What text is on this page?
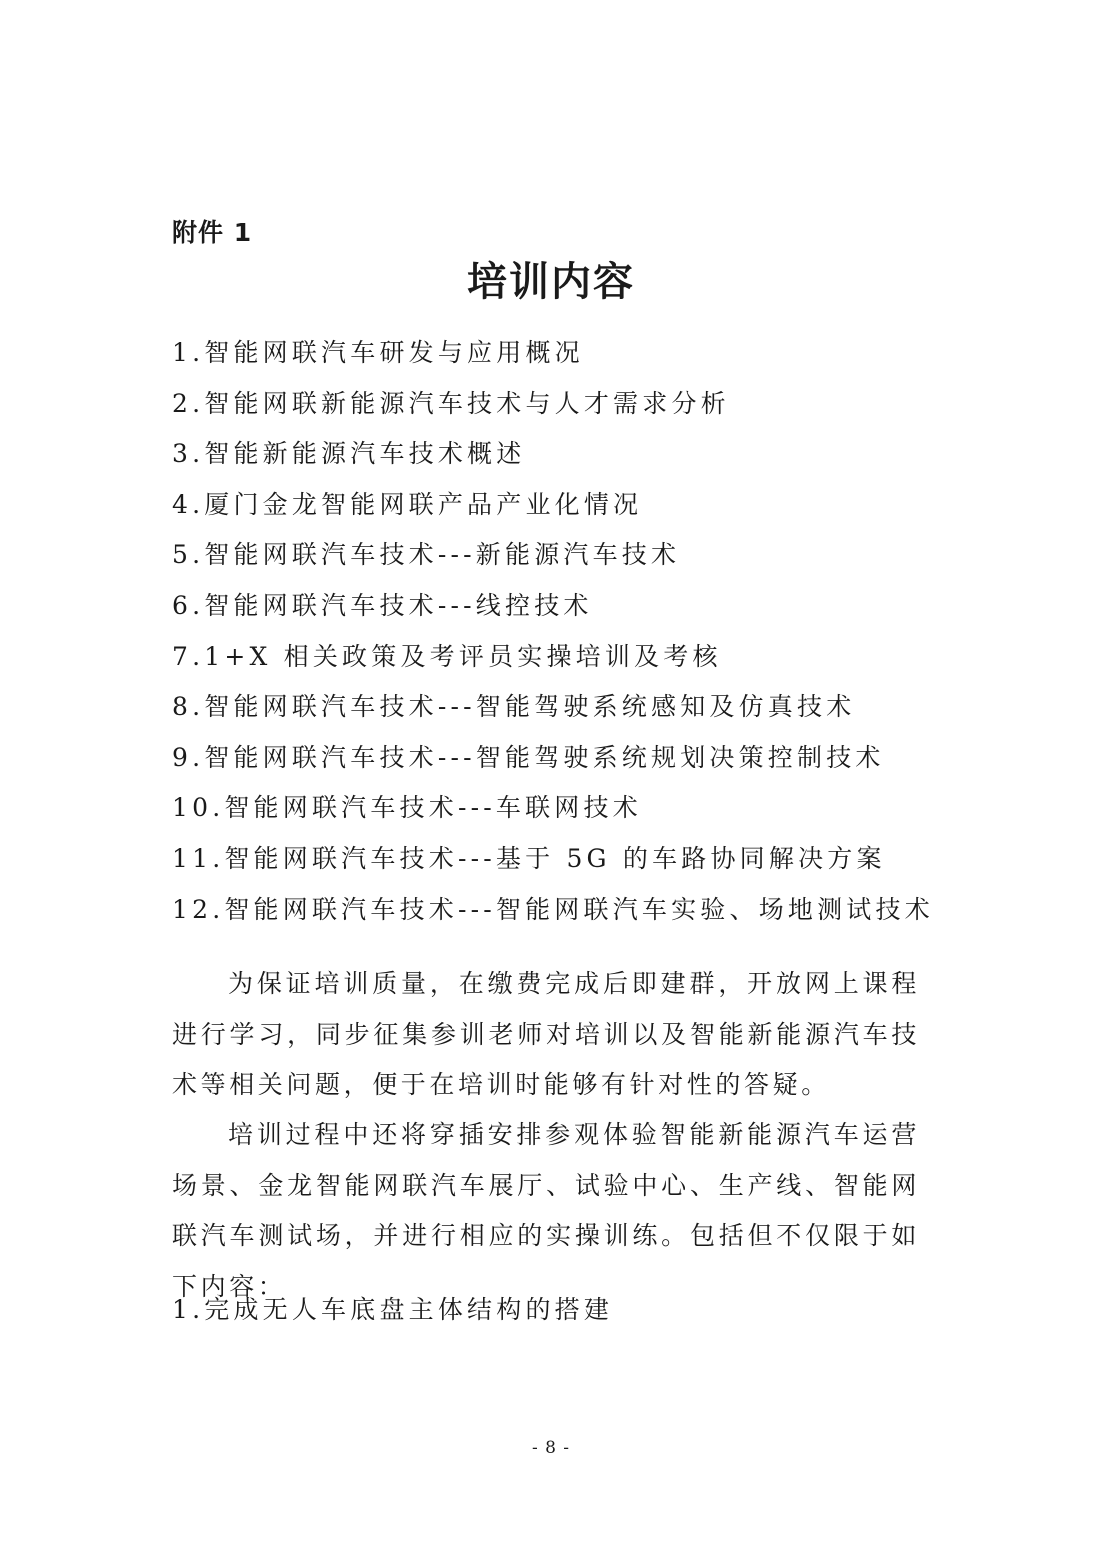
附件 1
培训内容
1.智能网联汽车研发与应用概况
2.智能网联新能源汽车技术与人才需求分析
3.智能新能源汽车技术概述
4.厦门金龙智能网联产品产业化情况
5.智能网联汽车技术---新能源汽车技术
6.智能网联汽车技术---线控技术
7.1+X 相关政策及考评员实操培训及考核
8.智能网联汽车技术---智能驾驶系统感知及仿真技术
9.智能网联汽车技术---智能驾驶系统规划决策控制技术
10.智能网联汽车技术---车联网技术
11.智能网联汽车技术---基于 5G 的车路协同解决方案
12.智能网联汽车技术---智能网联汽车实验、场地测试技术

为保证培训质量，在缴费完成后即建群，开放网上课程进行学习，同步征集参训老师对培训以及智能新能源汽车技术等相关问题，便于在培训时能够有针对性的答疑。

培训过程中还将穿插安排参观体验智能新能源汽车运营场景、金龙智能网联汽车展厅、试验中心、生产线、智能网联汽车测试场，并进行相应的实操训练。包括但不仅限于如下内容：

1.完成无人车底盘主体结构的搭建
- 8 -
